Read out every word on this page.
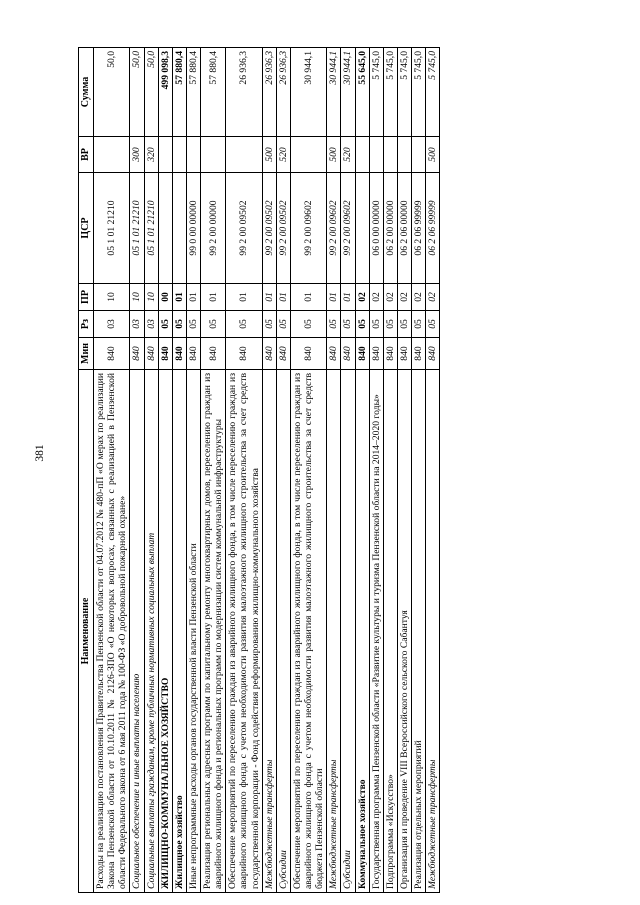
381
Наименование	Мин	Рз	ПР	ЦСР	ВР	Сумма
Расходы на реализацию постановления Правительства Пензенской области от 04.07.2012 № 480-пП «О мерах по реализации Закона Пензенской области от 10.10.2011 № 2126-ЗПО «О некоторых вопросах, связанных с реализацией в Пензенской области Федерального закона от 6 мая 2011 года № 100-ФЗ «О добровольной пожарной охране»	840	03	10	05 1 01 21210		50,0
Социальное обеспечение и иные выплаты населению	840	03	10	05 1 01 21210	300	50,0
Социальные выплаты гражданам, кроме публичных нормативных социальных выплат	840	03	10	05 1 01 21210	320	50,0
ЖИЛИЩНО-КОММУНАЛЬНОЕ ХОЗЯЙСТВО	840	05	00			499 098,3
Жилищное хозяйство	840	05	01			57 880,4
Иные непрограммные расходы органов государственной власти Пензенской области	840	05	01	99 0 00 00000		57 880,4
Реализация региональных адресных программ по капитальному ремонту многоквартирных домов, переселению граждан из аварийного жилищного фонда и региональных программ по модернизации систем коммунальной инфраструктуры	840	05	01	99 2 00 00000		57 880,4
Обеспечение мероприятий по переселению граждан из аварийного жилищного фонда, в том числе переселению граждан из аварийного жилищного фонда с учетом необходимости развития малоэтажного жилищного строительства за счет средств государственной корпорации - Фонд содействия реформированию жилищно-коммунального хозяйства	840	05	01	99 2 00 09502		26 936,3
Межбюджетные трансферты	840	05	01	99 2 00 09502	500	26 936,3
Субсидии	840	05	01	99 2 00 09502	520	26 936,3
Обеспечение мероприятий по переселению граждан из аварийного жилищного фонда, в том числе переселению граждан из аварийного жилищного фонда с учетом необходимости развития малоэтажного жилищного строительства за счет средств бюджета Пензенской области	840	05	01	99 2 00 09602		30 944,1
Межбюджетные трансферты	840	05	01	99 2 00 09602	500	30 944,1
Субсидии	840	05	01	99 2 00 09602	520	30 944,1
Коммунальное хозяйство	840	05	02			55 645,0
Государственная программа Пензенской области «Развитие культуры и туризма Пензенской области на 2014–2020 годы»	840	05	02	06 0 00 00000		5 745,0
Подпрограмма «Искусство»	840	05	02	06 2 00 00000		5 745,0
Организация и проведение VIII Всероссийского сельского Сабантуя	840	05	02	06 2 06 00000		5 745,0
Реализация отдельных мероприятий	840	05	02	06 2 06 99999		5 745,0
Межбюджетные трансферты	840	05	02	06 2 06 99999	500	5 745,0
